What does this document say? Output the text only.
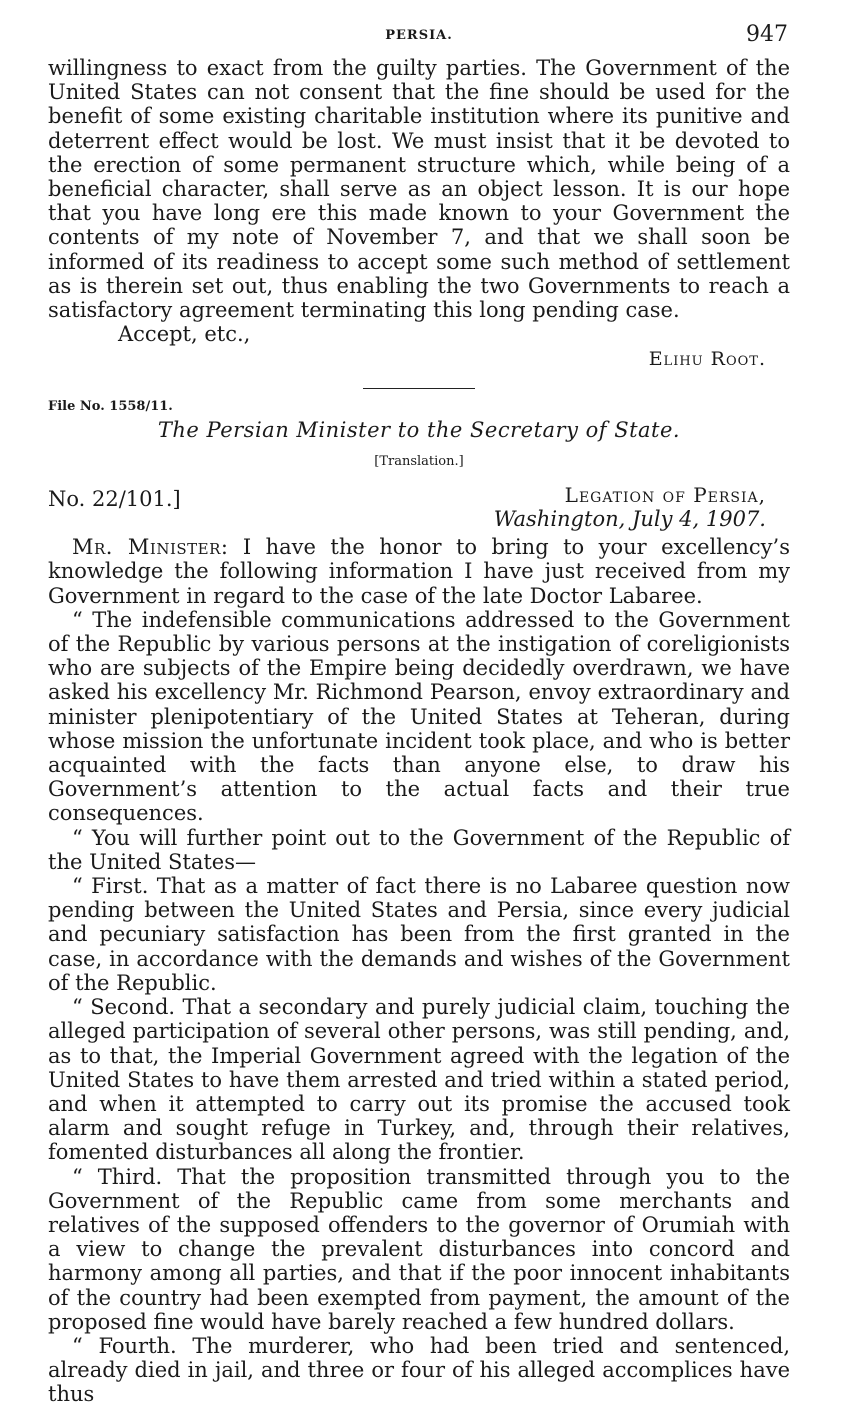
PERSIA.	947

willingness to exact from the guilty parties. The Government of the United States can not consent that the fine should be used for the benefit of some existing charitable institution where its punitive and deterrent effect would be lost. We must insist that it be devoted to the erection of some permanent structure which, while being of a beneficial character, shall serve as an object lesson. It is our hope that you have long ere this made known to your Government the contents of my note of November 7, and that we shall soon be informed of its readiness to accept some such method of settlement as is therein set out, thus enabling the two Governments to reach a satisfactory agreement terminating this long pending case.

Accept, etc.,

Elihu Root.

File No. 1558/11.

The Persian Minister to the Secretary of State.

[Translation.]

No. 22/101.]	Legation of Persia,
Washington, July 4, 1907.

Mr. Minister: I have the honor to bring to your excellency’s knowledge the following information I have just received from my Government in regard to the case of the late Doctor Labaree.

“ The indefensible communications addressed to the Government of the Republic by various persons at the instigation of coreligionists who are subjects of the Empire being decidedly overdrawn, we have asked his excellency Mr. Richmond Pearson, envoy extraordinary and minister plenipotentiary of the United States at Teheran, during whose mission the unfortunate incident took place, and who is better acquainted with the facts than anyone else, to draw his Government’s attention to the actual facts and their true consequences.

“ You will further point out to the Government of the Republic of the United States—

“ First. That as a matter of fact there is no Labaree question now pending between the United States and Persia, since every judicial and pecuniary satisfaction has been from the first granted in the case, in accordance with the demands and wishes of the Government of the Republic.

“ Second. That a secondary and purely judicial claim, touching the alleged participation of several other persons, was still pending, and, as to that, the Imperial Government agreed with the legation of the United States to have them arrested and tried within a stated period, and when it attempted to carry out its promise the accused took alarm and sought refuge in Turkey, and, through their relatives, fomented disturbances all along the frontier.

“ Third. That the proposition transmitted through you to the Government of the Republic came from some merchants and relatives of the supposed offenders to the governor of Orumiah with a view to change the prevalent disturbances into concord and harmony among all parties, and that if the poor innocent inhabitants of the country had been exempted from payment, the amount of the proposed fine would have barely reached a few hundred dollars.

“ Fourth. The murderer, who had been tried and sentenced, already died in jail, and three or four of his alleged accomplices have thus
